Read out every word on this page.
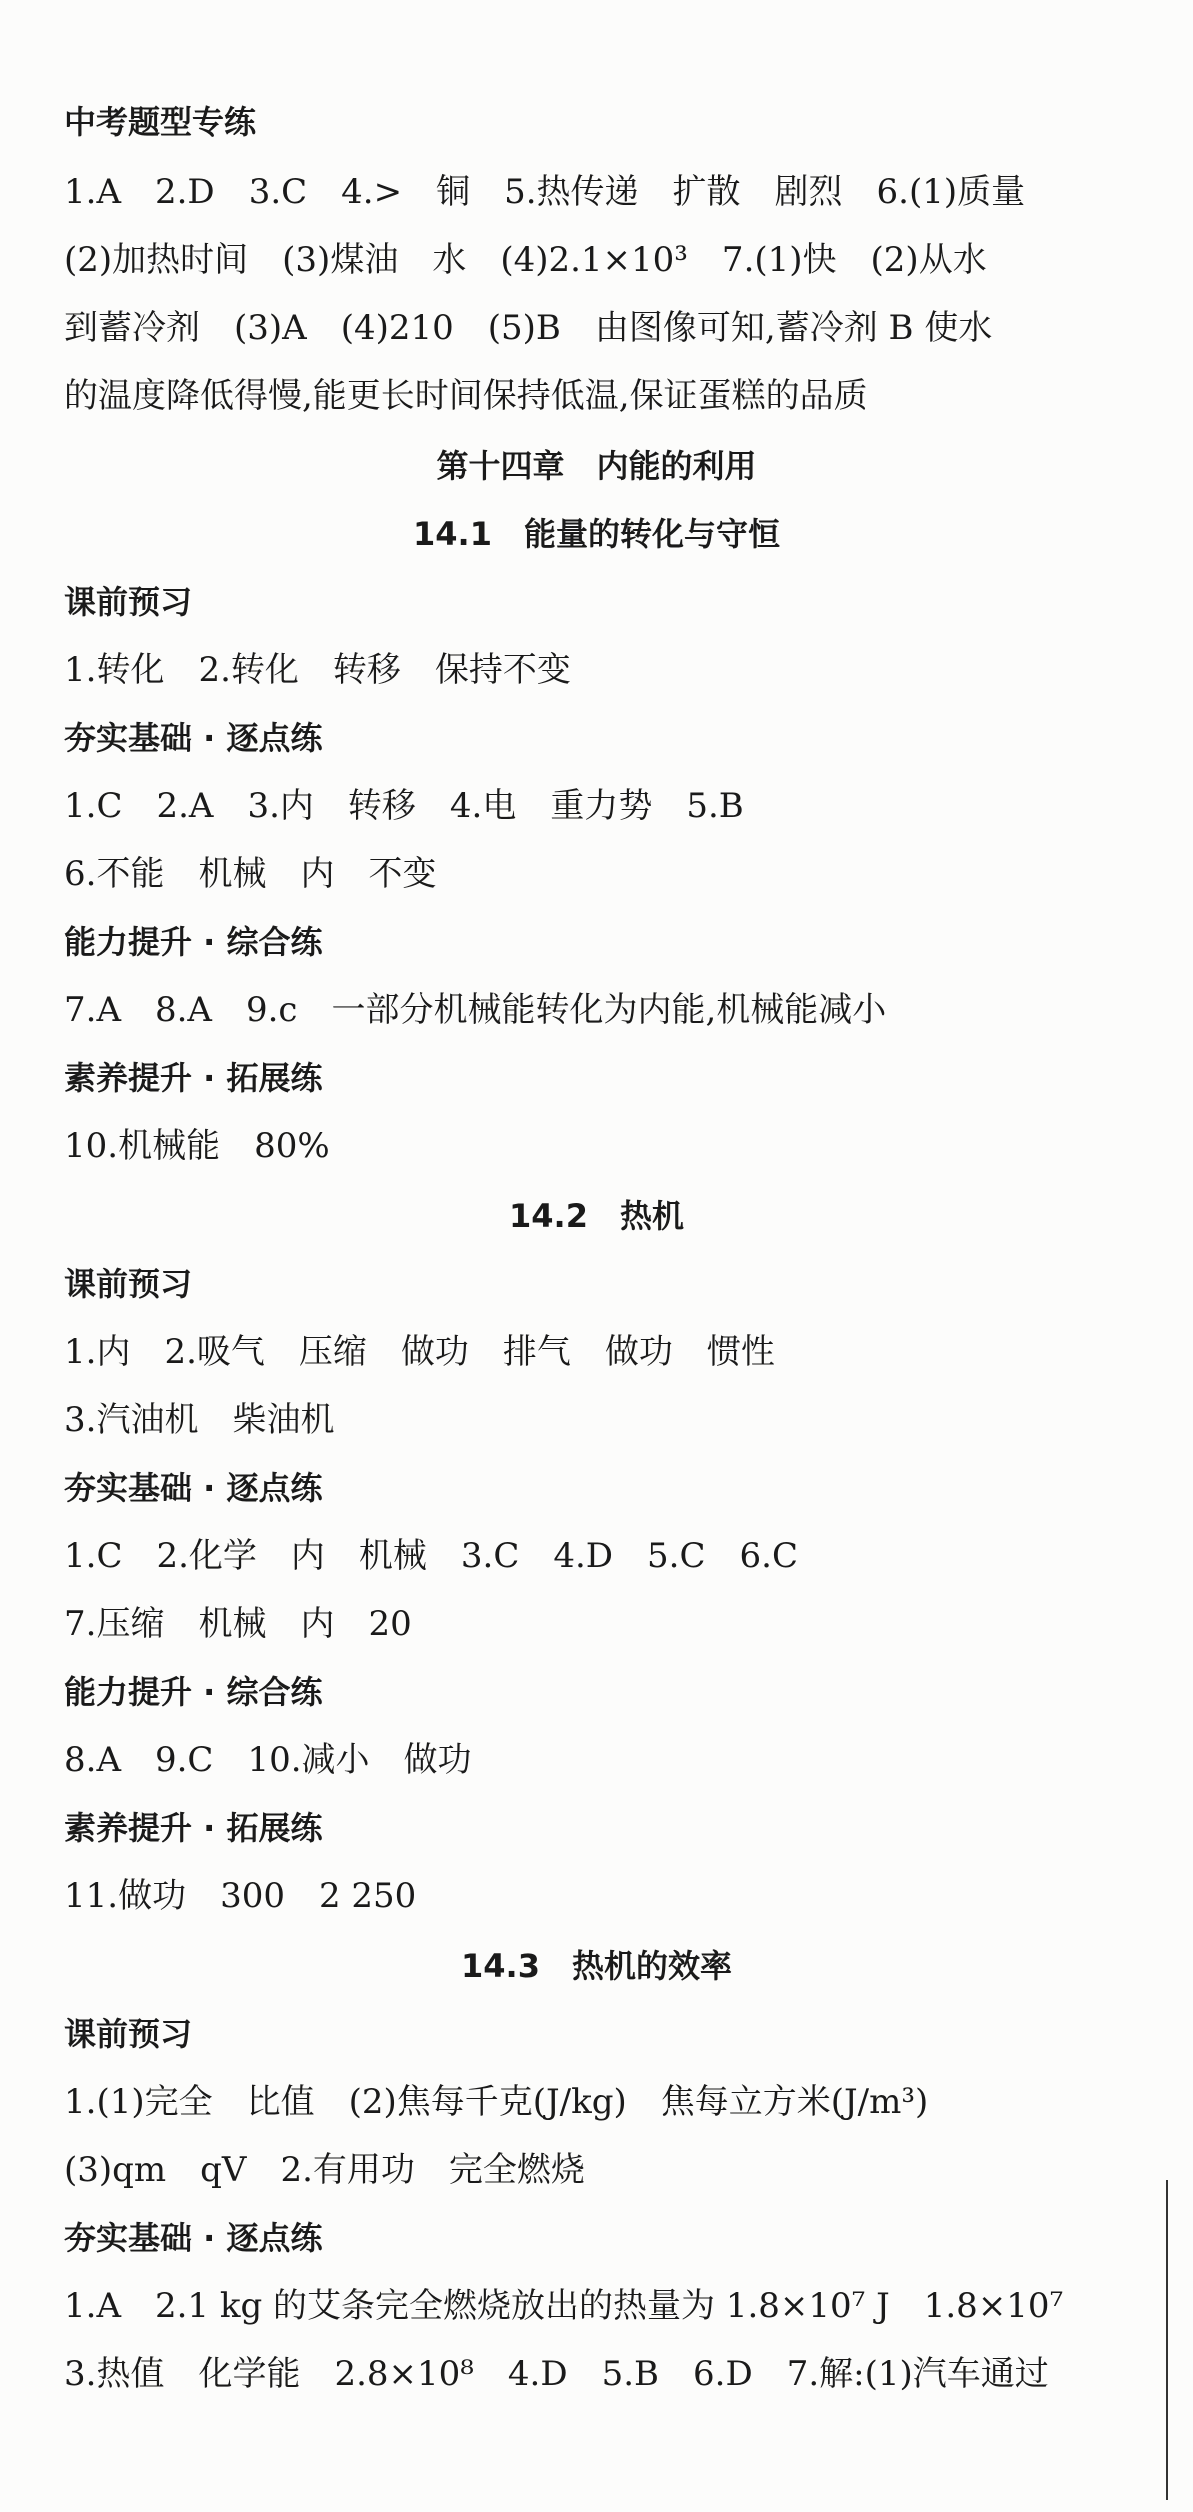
中考题型专练
1.A　2.D　3.C　4.>　铜　5.热传递　扩散　剧烈　6.(1)质量
(2)加热时间　(3)煤油　水　(4)2.1×10³　7.(1)快　(2)从水
到蓄冷剂　(3)A　(4)210　(5)B　由图像可知,蓄冷剂 B 使水
的温度降低得慢,能更长时间保持低温,保证蛋糕的品质
第十四章　内能的利用
14.1　能量的转化与守恒
课前预习
1.转化　2.转化　转移　保持不变
夯实基础 · 逐点练
1.C　2.A　3.内　转移　4.电　重力势　5.B
6.不能　机械　内　不变
能力提升 · 综合练
7.A　8.A　9.c　一部分机械能转化为内能,机械能减小
素养提升 · 拓展练
10.机械能　80%
14.2　热机
课前预习
1.内　2.吸气　压缩　做功　排气　做功　惯性
3.汽油机　柴油机
夯实基础 · 逐点练
1.C　2.化学　内　机械　3.C　4.D　5.C　6.C
7.压缩　机械　内　20
能力提升 · 综合练
8.A　9.C　10.减小　做功
素养提升 · 拓展练
11.做功　300　2 250
14.3　热机的效率
课前预习
1.(1)完全　比值　(2)焦每千克(J/kg)　焦每立方米(J/m³)
(3)qm　qV　2.有用功　完全燃烧
夯实基础 · 逐点练
1.A　2.1 kg 的艾条完全燃烧放出的热量为 1.8×10⁷ J　1.8×10⁷
3.热值　化学能　2.8×10⁸　4.D　5.B　6.D　7.解:(1)汽车通过
